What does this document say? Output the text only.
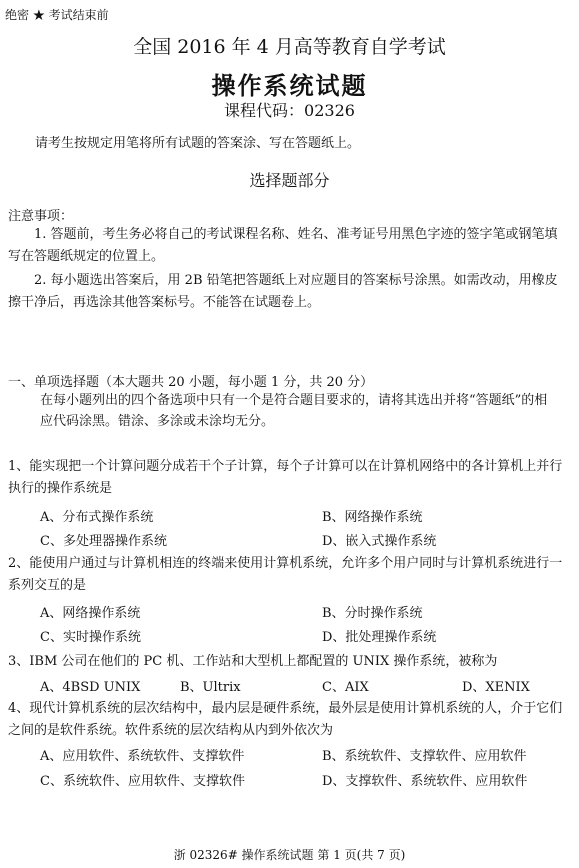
绝密 ★ 考试结束前
全国 2016 年 4 月高等教育自学考试
操作系统试题
课程代码：02326
请考生按规定用笔将所有试题的答案涂、写在答题纸上。
选择题部分
注意事项：
1. 答题前，考生务必将自己的考试课程名称、姓名、准考证号用黑色字迹的签字笔或钢笔填写在答题纸规定的位置上。
2. 每小题选出答案后，用 2B 铅笔把答题纸上对应题目的答案标号涂黑。如需改动，用橡皮擦干净后，再选涂其他答案标号。不能答在试题卷上。
一、单项选择题（本大题共 20 小题，每小题 1 分，共 20 分）
在每小题列出的四个备选项中只有一个是符合题目要求的，请将其选出并将“答题纸”的相应代码涂黑。错涂、多涂或未涂均无分。
1、能实现把一个计算问题分成若干个子计算，每个子计算可以在计算机网络中的各计算机上并行执行的操作系统是
A、分布式操作系统	B、网络操作系统
C、多处理器操作系统	D、嵌入式操作系统
2、能使用户通过与计算机相连的终端来使用计算机系统，允许多个用户同时与计算机系统进行一系列交互的是
A、网络操作系统	B、分时操作系统
C、实时操作系统	D、批处理操作系统
3、IBM 公司在他们的 PC 机、工作站和大型机上都配置的 UNIX 操作系统，被称为
A、4BSD UNIX	B、Ultrix	C、AIX	D、XENIX
4、现代计算机系统的层次结构中，最内层是硬件系统，最外层是使用计算机系统的人，介于它们之间的是软件系统。软件系统的层次结构从内到外依次为
A、应用软件、系统软件、支撑软件	B、系统软件、支撑软件、应用软件
C、系统软件、应用软件、支撑软件	D、支撑软件、系统软件、应用软件
浙 02326# 操作系统试题 第 1 页(共 7 页)
